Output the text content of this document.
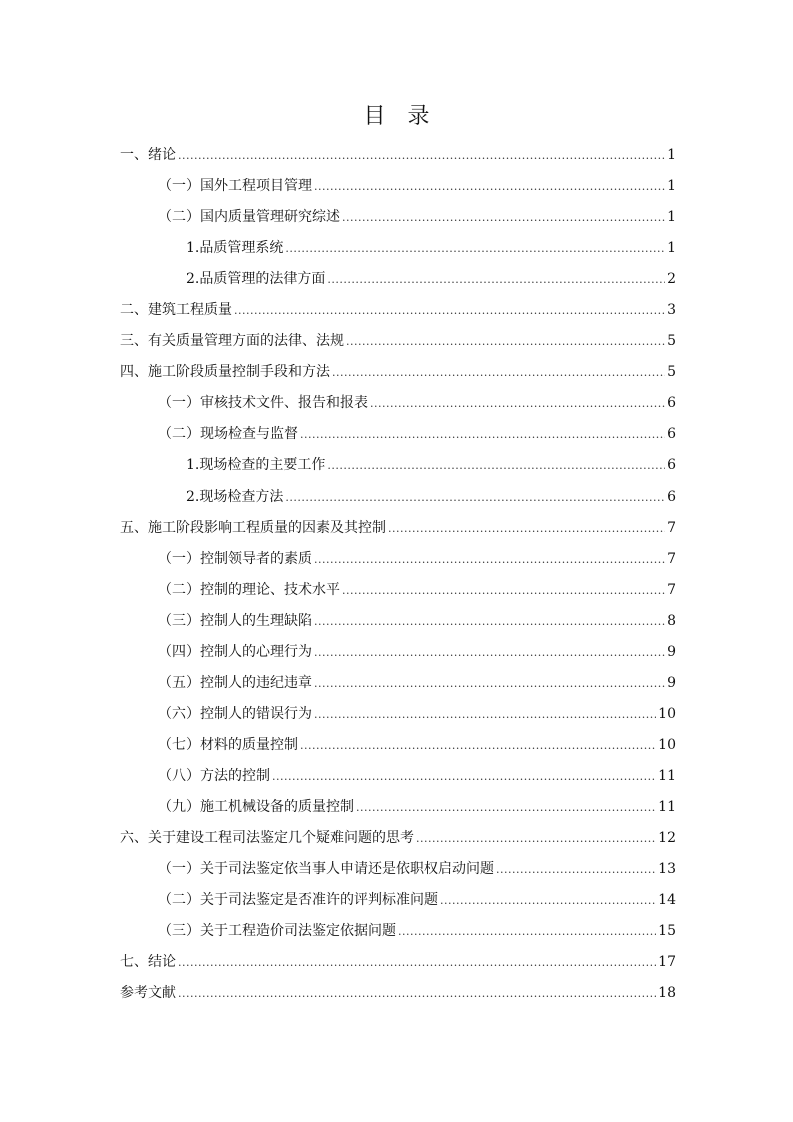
目 录
一、 绪论 .....	1
（一） 国外工程项目管理 .....	1
（二） 国内质量管理研究综述 .....	1
1. 品质管理系统 .....	1
2. 品质管理的法律方面 .....	2
二、 建筑工程质量 .....	3
三、 有关质量管理方面的法律、法规 .....	5
四、 施工阶段质量控制手段和方法 .....	5
（一） 审核技术文件、报告和报表 .....	6
（二） 现场检查与监督 .....	6
1. 现场检查的主要工作 .....	6
2. 现场检查方法 .....	6
五、 施工阶段影响工程质量的因素及其控制 .....	7
（一） 控制领导者的素质 .....	7
（二） 控制的理论、技术水平 .....	7
（三） 控制人的生理缺陷 .....	8
（四） 控制人的心理行为 .....	9
（五） 控制人的违纪违章 .....	9
（六） 控制人的错误行为 .....	10
（七） 材料的质量控制 .....	10
（八） 方法的控制 .....	11
（九） 施工机械设备的质量控制 .....	11
六、 关于建设工程司法鉴定几个疑难问题的思考 .....	12
（一） 关于司法鉴定依当事人申请还是依职权启动问题 .....	13
（二） 关于司法鉴定是否准许的评判标准问题 .....	14
（三） 关于工程造价司法鉴定依据问题 .....	15
七、 结论 .....	17
参考文献 .....	18
